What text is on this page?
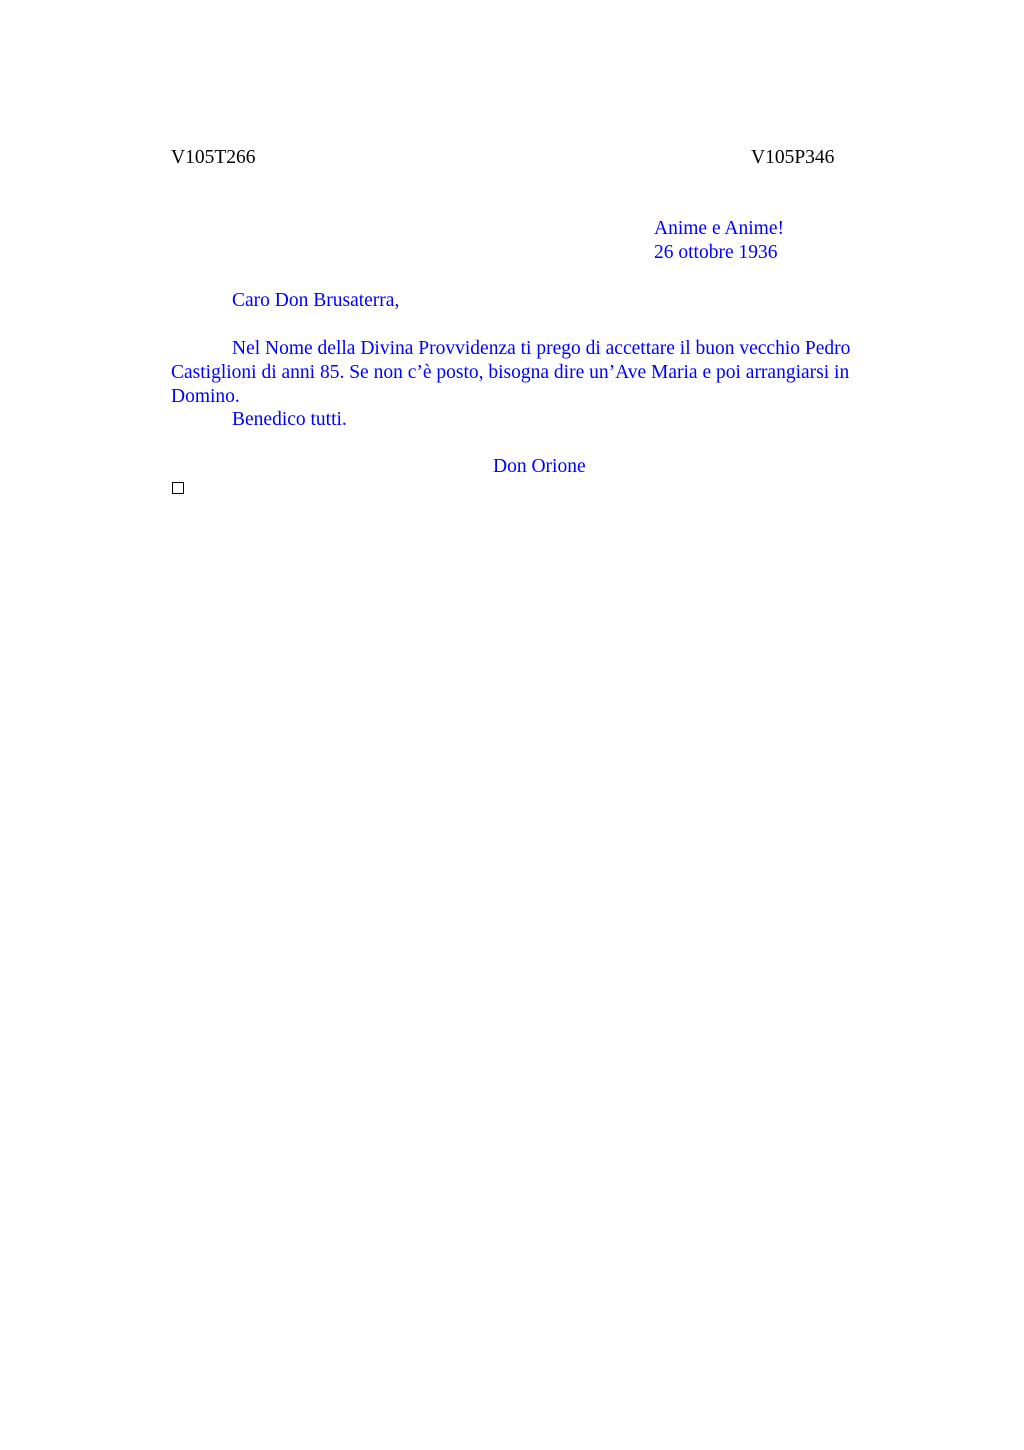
V105T266	V105P346
Anime e Anime!
26 ottobre 1936
Caro Don Brusaterra,

Nel Nome della Divina Provvidenza ti prego di accettare il buon vecchio Pedro Castiglioni di anni 85. Se non c’è posto, bisogna dire un’Ave Maria e poi arrangiarsi in Domino.

Benedico tutti.
Don Orione
